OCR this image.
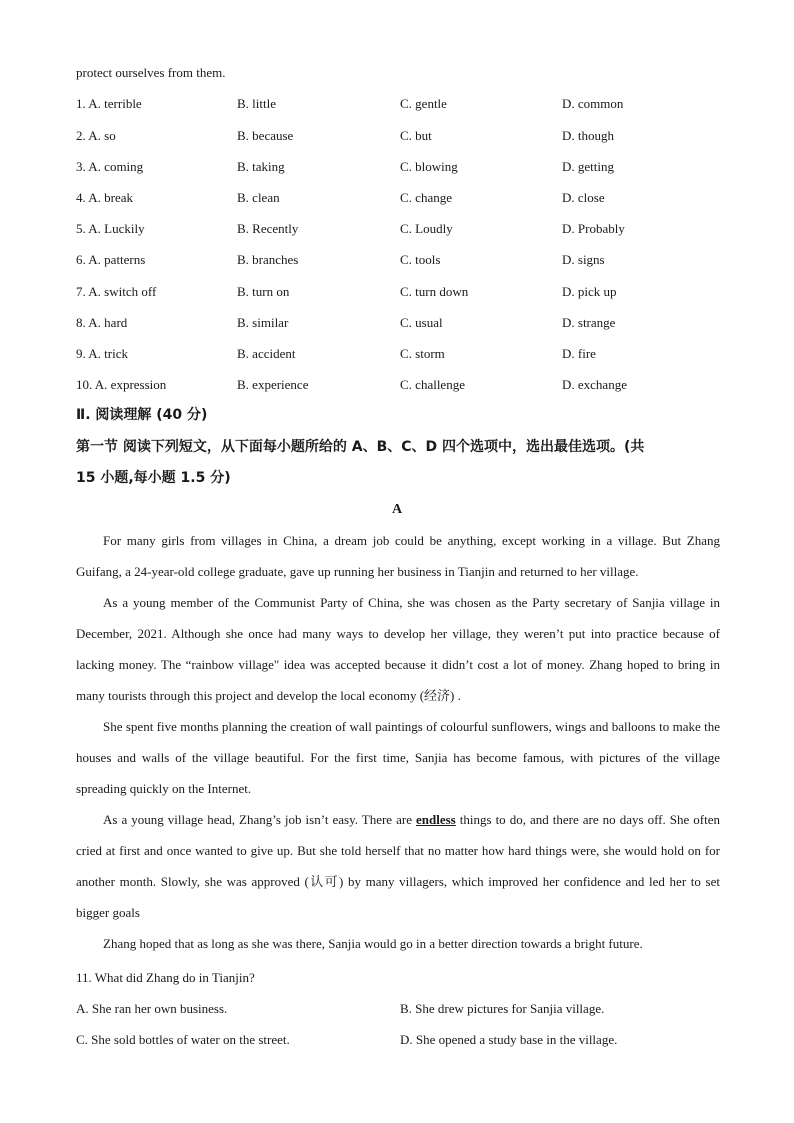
protect ourselves from them.
1. A. terrible	B. little	C. gentle	D. common
2. A. so	B. because	C. but	D. though
3. A. coming	B. taking	C. blowing	D. getting
4. A. break	B. clean	C. change	D. close
5. A. Luckily	B. Recently	C. Loudly	D. Probably
6. A. patterns	B. branches	C. tools	D. signs
7. A. switch off	B. turn on	C. turn down	D. pick up
8. A. hard	B. similar	C. usual	D. strange
9. A. trick	B. accident	C. storm	D. fire
10. A. expression	B. experience	C. challenge	D. exchange
Ⅱ. 阅读理解 (40 分)
第一节 阅读下列短文，从下面每小题所给的 A、B、C、D 四个选项中，选出最佳选项。(共
15 小题,每小题 1.5 分)
A

For many girls from villages in China, a dream job could be anything, except working in a village. But Zhang Guifang, a 24-year-old college graduate, gave up running her business in Tianjin and returned to her village.

As a young member of the Communist Party of China, she was chosen as the Party secretary of Sanjia village in December, 2021. Although she once had many ways to develop her village, they weren’t put into practice because of lacking money. The “rainbow village" idea was accepted because it didn’t cost a lot of money. Zhang hoped to bring in many tourists through this project and develop the local economy (经济) .

She spent five months planning the creation of wall paintings of colourful sunflowers, wings and balloons to make the houses and walls of the village beautiful. For the first time, Sanjia has become famous, with pictures of the village spreading quickly on the Internet.

As a young village head, Zhang’s job isn’t easy. There are endless things to do, and there are no days off. She often cried at first and once wanted to give up. But she told herself that no matter how hard things were, she would hold on for another month. Slowly, she was approved (认可) by many villagers, which improved her confidence and led her to set bigger goals

Zhang hoped that as long as she was there, Sanjia would go in a better direction towards a bright future.

11. What did Zhang do in Tianjin?
A. She ran her own business.	B. She drew pictures for Sanjia village.
C. She sold bottles of water on the street.	D. She opened a study base in the village.
